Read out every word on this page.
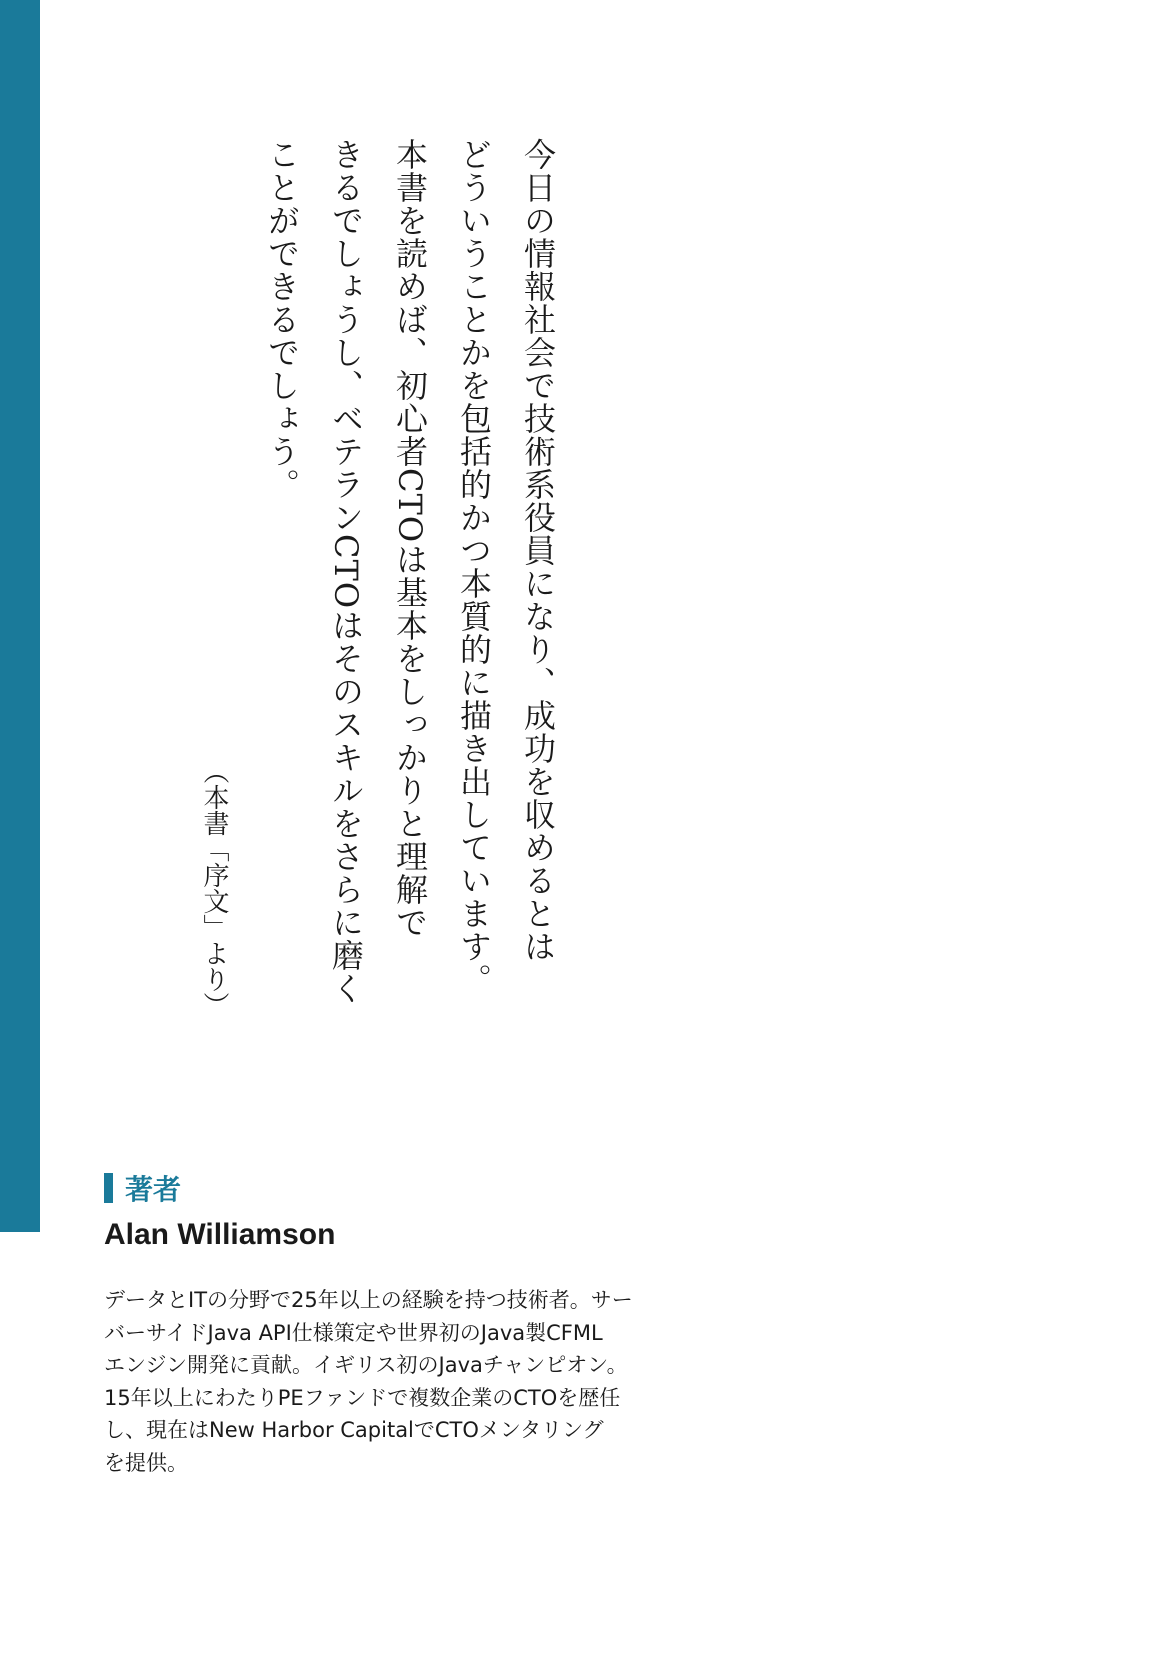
今日の情報社会で技術系役員になり、成功を収めるとは
どういうことかを包括的かつ本質的に描き出しています。
本書を読めば、初心者CTOは基本をしっかりと理解で
きるでしょうし、ベテランCTOはそのスキルをさらに磨く
ことができるでしょう。

（本書「序文」より）

著者
Alan Williamson

データとITの分野で25年以上の経験を持つ技術者。サー
バーサイドJava API仕様策定や世界初のJava製CFML
エンジン開発に貢献。イギリス初のJavaチャンピオン。
15年以上にわたりPEファンドで複数企業のCTOを歴任
し、現在はNew Harbor CapitalでCTOメンタリング
を提供。
